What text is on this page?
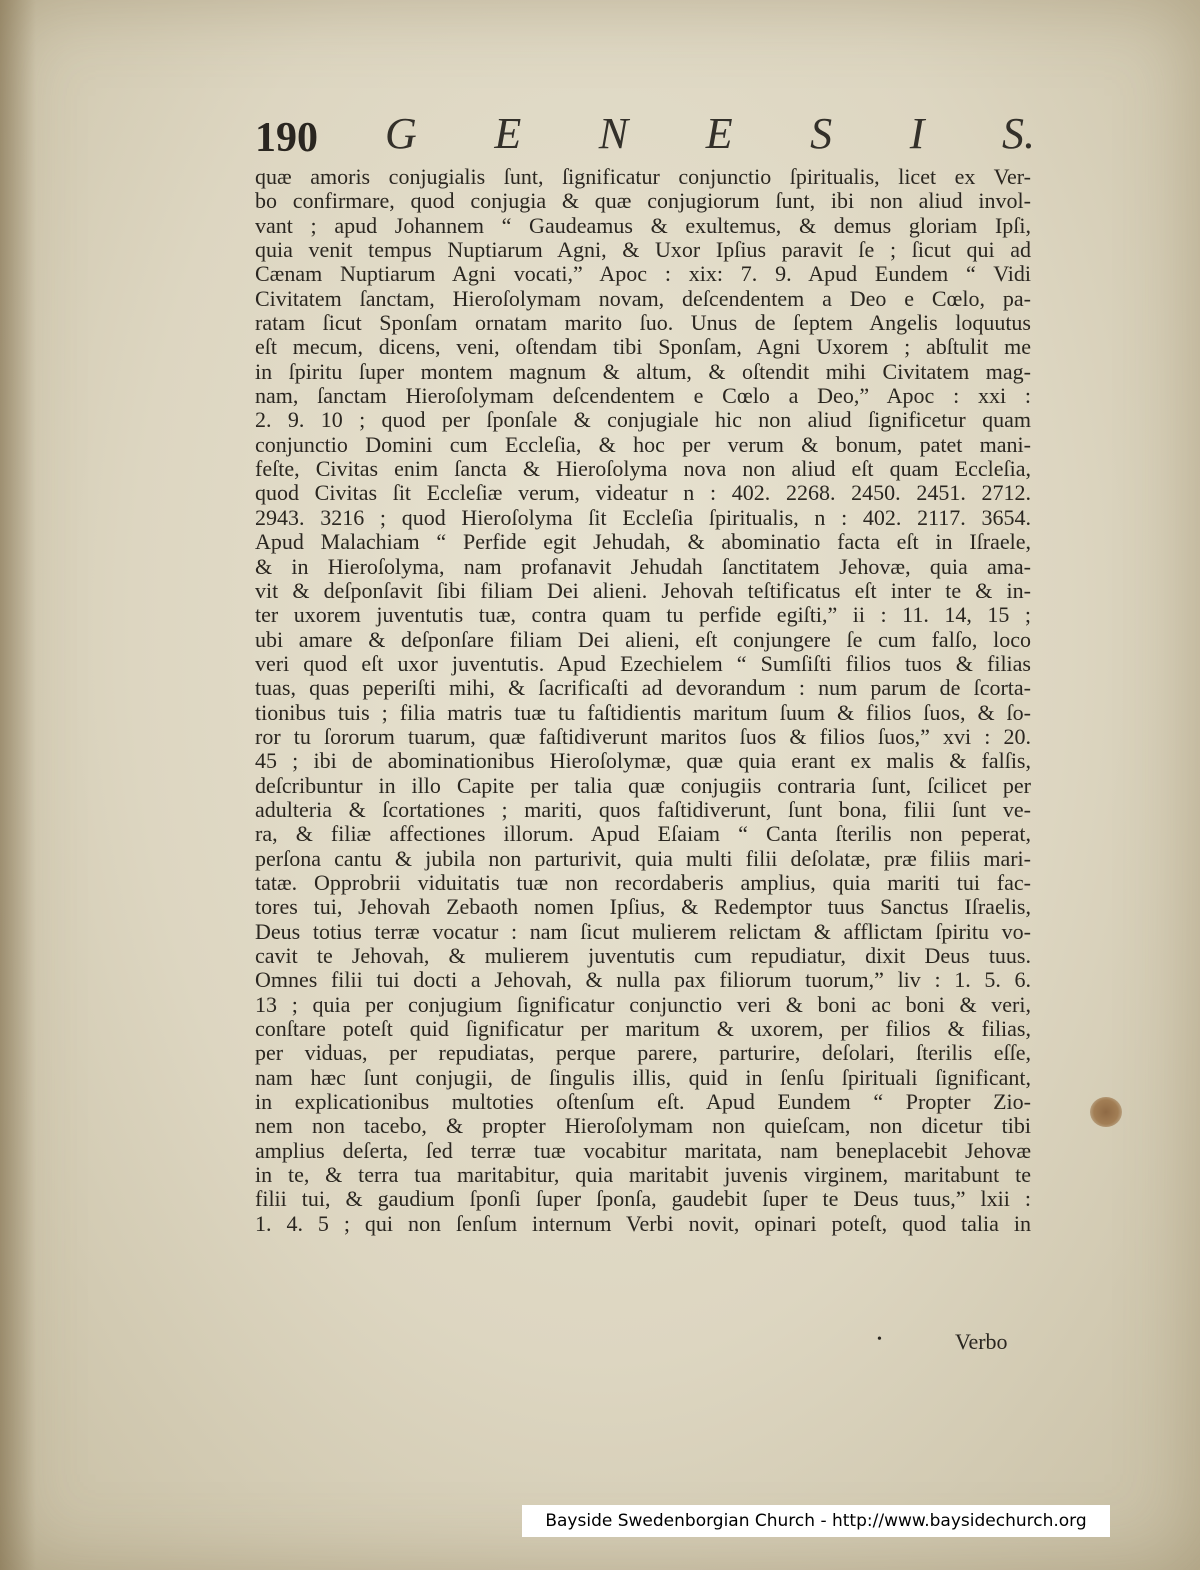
190 G E N E S I S.
quæ amoris conjugialis ſunt, ſignificatur conjunctio ſpiritualis, licet ex Ver-
bo confirmare, quod conjugia & quæ conjugiorum ſunt, ibi non aliud invol-
vant ; apud Johannem “ Gaudeamus & exultemus, & demus gloriam Ipſi,
quia venit tempus Nuptiarum Agni, & Uxor Ipſius paravit ſe ; ſicut qui ad
Cænam Nuptiarum Agni vocati,” Apoc : xix: 7. 9. Apud Eundem “ Vidi
Civitatem ſanctam, Hieroſolymam novam, deſcendentem a Deo e Cœlo, pa-
ratam ſicut Sponſam ornatam marito ſuo. Unus de ſeptem Angelis loquutus
eſt mecum, dicens, veni, oſtendam tibi Sponſam, Agni Uxorem ; abſtulit me
in ſpiritu ſuper montem magnum & altum, & oſtendit mihi Civitatem mag-
nam, ſanctam Hieroſolymam deſcendentem e Cœlo a Deo,” Apoc : xxi :
2. 9. 10 ; quod per ſponſale & conjugiale hic non aliud ſignificetur quam
conjunctio Domini cum Eccleſia, & hoc per verum & bonum, patet mani-
feſte, Civitas enim ſancta & Hieroſolyma nova non aliud eſt quam Eccleſia,
quod Civitas ſit Eccleſiæ verum, videatur n : 402. 2268. 2450. 2451. 2712.
2943. 3216 ; quod Hieroſolyma ſit Eccleſia ſpiritualis, n : 402. 2117. 3654.
Apud Malachiam “ Perfide egit Jehudah, & abominatio facta eſt in Iſraele,
& in Hieroſolyma, nam profanavit Jehudah ſanctitatem Jehovæ, quia ama-
vit & deſponſavit ſibi filiam Dei alieni. Jehovah teſtificatus eſt inter te & in-
ter uxorem juventutis tuæ, contra quam tu perfide egiſti,” ii : 11. 14, 15 ;
ubi amare & deſponſare filiam Dei alieni, eſt conjungere ſe cum falſo, loco
veri quod eſt uxor juventutis. Apud Ezechielem “ Sumſiſti filios tuos & filias
tuas, quas peperiſti mihi, & ſacrificaſti ad devorandum : num parum de ſcorta-
tionibus tuis ; filia matris tuæ tu faſtidientis maritum ſuum & filios ſuos, & ſo-
ror tu ſororum tuarum, quæ faſtidiverunt maritos ſuos & filios ſuos,” xvi : 20.
45 ; ibi de abominationibus Hieroſolymæ, quæ quia erant ex malis & falſis,
deſcribuntur in illo Capite per talia quæ conjugiis contraria ſunt, ſcilicet per
adulteria & ſcortationes ; mariti, quos faſtidiverunt, ſunt bona, filii ſunt ve-
ra, & filiæ affectiones illorum. Apud Eſaiam “ Canta ſterilis non peperat,
perſona cantu & jubila non parturivit, quia multi filii deſolatæ, præ filiis mari-
tatæ. Opprobrii viduitatis tuæ non recordaberis amplius, quia mariti tui fac-
tores tui, Jehovah Zebaoth nomen Ipſius, & Redemptor tuus Sanctus Iſraelis,
Deus totius terræ vocatur : nam ſicut mulierem relictam & afflictam ſpiritu vo-
cavit te Jehovah, & mulierem juventutis cum repudiatur, dixit Deus tuus.
Omnes filii tui docti a Jehovah, & nulla pax filiorum tuorum,” liv : 1. 5. 6.
13 ; quia per conjugium ſignificatur conjunctio veri & boni ac boni & veri,
conſtare poteſt quid ſignificatur per maritum & uxorem, per filios & filias,
per viduas, per repudiatas, perque parere, parturire, deſolari, ſterilis eſſe,
nam hæc ſunt conjugii, de ſingulis illis, quid in ſenſu ſpirituali ſignificant,
in explicationibus multoties oſtenſum eſt. Apud Eundem “ Propter Zio-
nem non tacebo, & propter Hieroſolymam non quieſcam, non dicetur tibi
amplius deſerta, ſed terræ tuæ vocabitur maritata, nam beneplacebit Jehovæ
in te, & terra tua maritabitur, quia maritabit juvenis virginem, maritabunt te
filii tui, & gaudium ſponſi ſuper ſponſa, gaudebit ſuper te Deus tuus,” lxii :
1. 4. 5 ; qui non ſenſum internum Verbi novit, opinari poteſt, quod talia in
•	Verbo
Bayside Swedenborgian Church - http://www.baysidechurch.org
